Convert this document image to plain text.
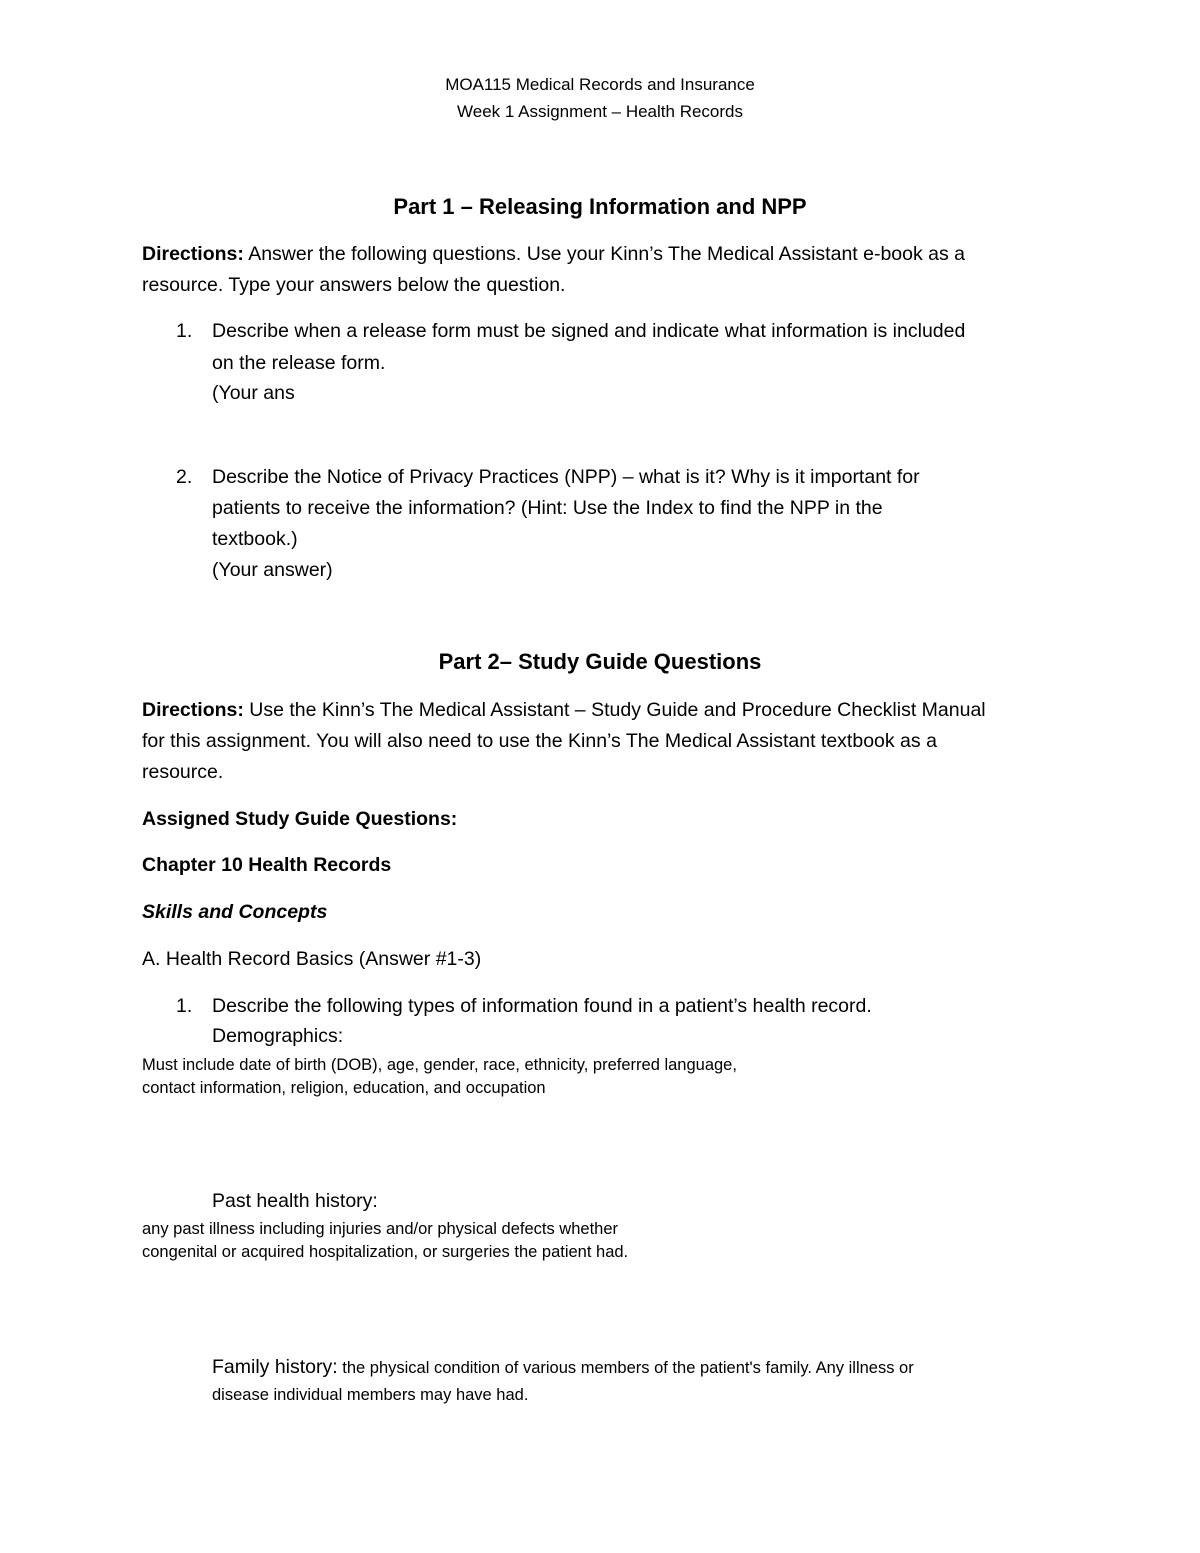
MOA115 Medical Records and Insurance
Week 1 Assignment – Health Records
Part 1 – Releasing Information and NPP
Directions: Answer the following questions. Use your Kinn’s The Medical Assistant e-book as a
resource. Type your answers below the question.
1. Describe when a release form must be signed and indicate what information is included
on the release form.
(Your ans
2. Describe the Notice of Privacy Practices (NPP) – what is it? Why is it important for
patients to receive the information? (Hint: Use the Index to find the NPP in the
textbook.)
(Your answer)
Part 2– Study Guide Questions
Directions: Use the Kinn’s The Medical Assistant – Study Guide and Procedure Checklist Manual
for this assignment. You will also need to use the Kinn’s The Medical Assistant textbook as a
resource.
Assigned Study Guide Questions:
Chapter 10 Health Records
Skills and Concepts
A. Health Record Basics (Answer #1-3)
1. Describe the following types of information found in a patient’s health record.
Demographics:
Must include date of birth (DOB), age, gender, race, ethnicity, preferred language,
contact information, religion, education, and occupation
Past health history:
any past illness including injuries and/or physical defects whether
congenital or acquired hospitalization, or surgeries the patient had.
Family history: the physical condition of various members of the patient's family. Any illness or
disease individual members may have had.
